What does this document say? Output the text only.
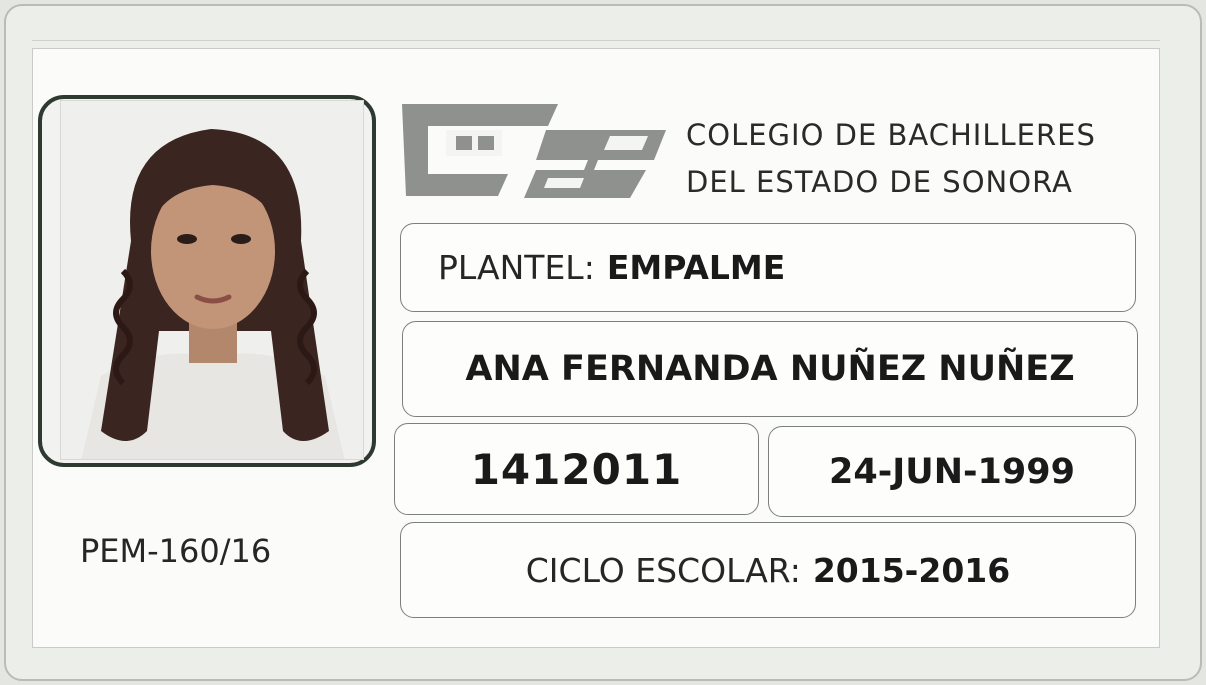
COLEGIO DE BACHILLERES
DEL ESTADO DE SONORA
PLANTEL: EMPALME
ANA FERNANDA NUÑEZ NUÑEZ
1412011	24-JUN-1999
CICLO ESCOLAR: 2015-2016
PEM-160/16
